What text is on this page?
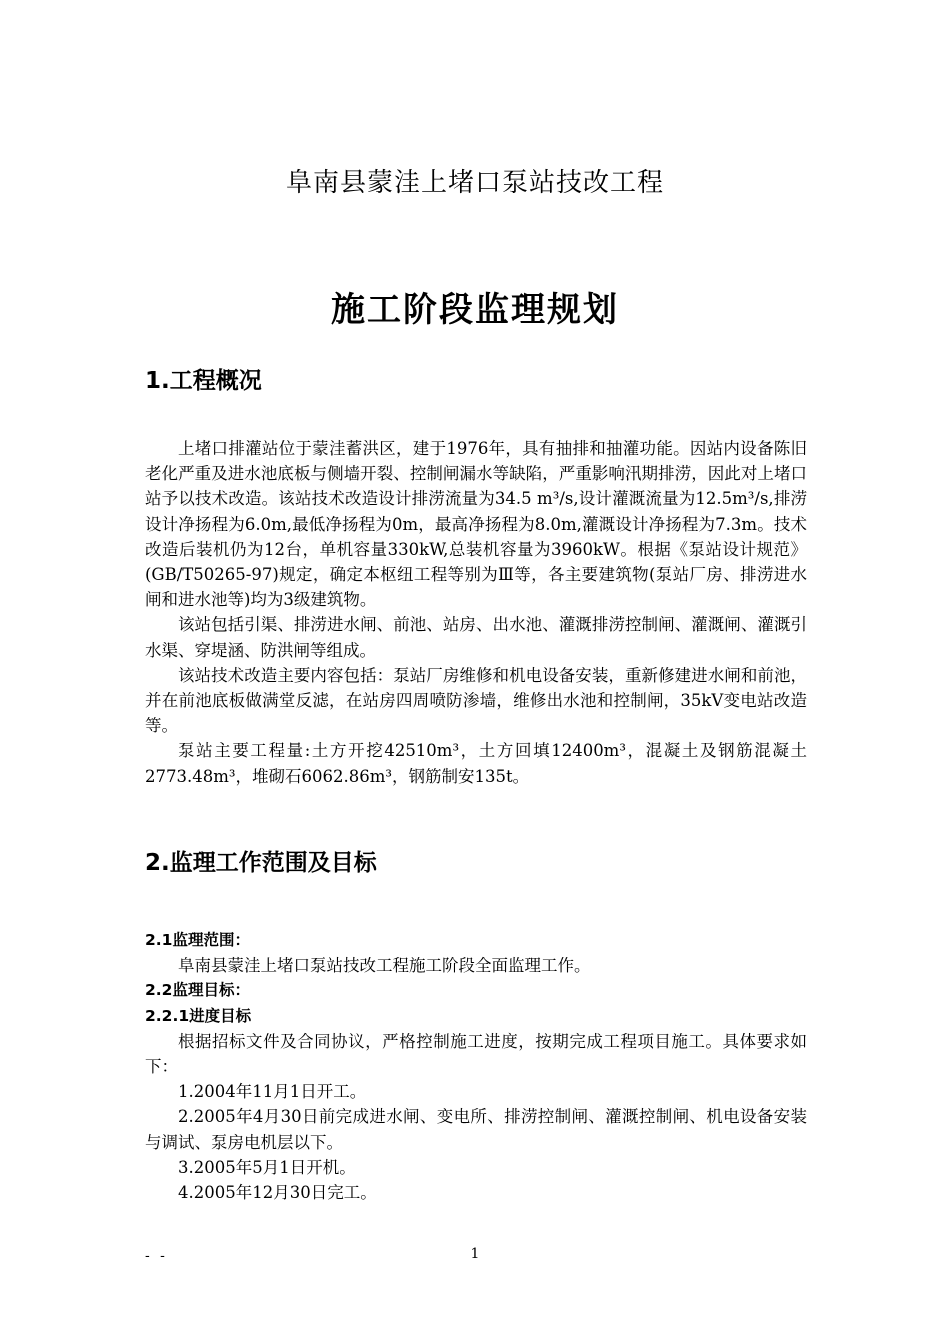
阜南县蒙洼上堵口泵站技改工程
施工阶段监理规划
1.工程概况

上堵口排灌站位于蒙洼蓄洪区，建于1976年，具有抽排和抽灌功能。因站内设备陈旧老化严重及进水池底板与侧墙开裂、控制闸漏水等缺陷，严重影响汛期排涝，因此对上堵口站予以技术改造。该站技术改造设计排涝流量为34.5 m³/s,设计灌溉流量为12.5m³/s,排涝设计净扬程为6.0m,最低净扬程为0m，最高净扬程为8.0m,灌溉设计净扬程为7.3m。技术改造后装机仍为12台，单机容量330kW,总装机容量为3960kW。根据《泵站设计规范》(GB/T50265-97)规定，确定本枢纽工程等别为Ⅲ等，各主要建筑物(泵站厂房、排涝进水闸和进水池等)均为3级建筑物。

该站包括引渠、排涝进水闸、前池、站房、出水池、灌溉排涝控制闸、灌溉闸、灌溉引水渠、穿堤涵、防洪闸等组成。

该站技术改造主要内容包括：泵站厂房维修和机电设备安装，重新修建进水闸和前池，并在前池底板做满堂反滤，在站房四周喷防渗墙，维修出水池和控制闸，35kV变电站改造等。

泵站主要工程量:土方开挖42510m³，土方回填12400m³，混凝土及钢筋混凝土2773.48m³，堆砌石6062.86m³，钢筋制安135t。

2.监理工作范围及目标
2.1监理范围：

阜南县蒙洼上堵口泵站技改工程施工阶段全面监理工作。

2.2监理目标：
2.2.1进度目标

根据招标文件及合同协议，严格控制施工进度，按期完成工程项目施工。具体要求如下：

1.2004年11月1日开工。

2.2005年4月30日前完成进水闸、变电所、排涝控制闸、灌溉控制闸、机电设备安装与调试、泵房电机层以下。

3.2005年5月1日开机。

4.2005年12月30日完工。

- -	1
